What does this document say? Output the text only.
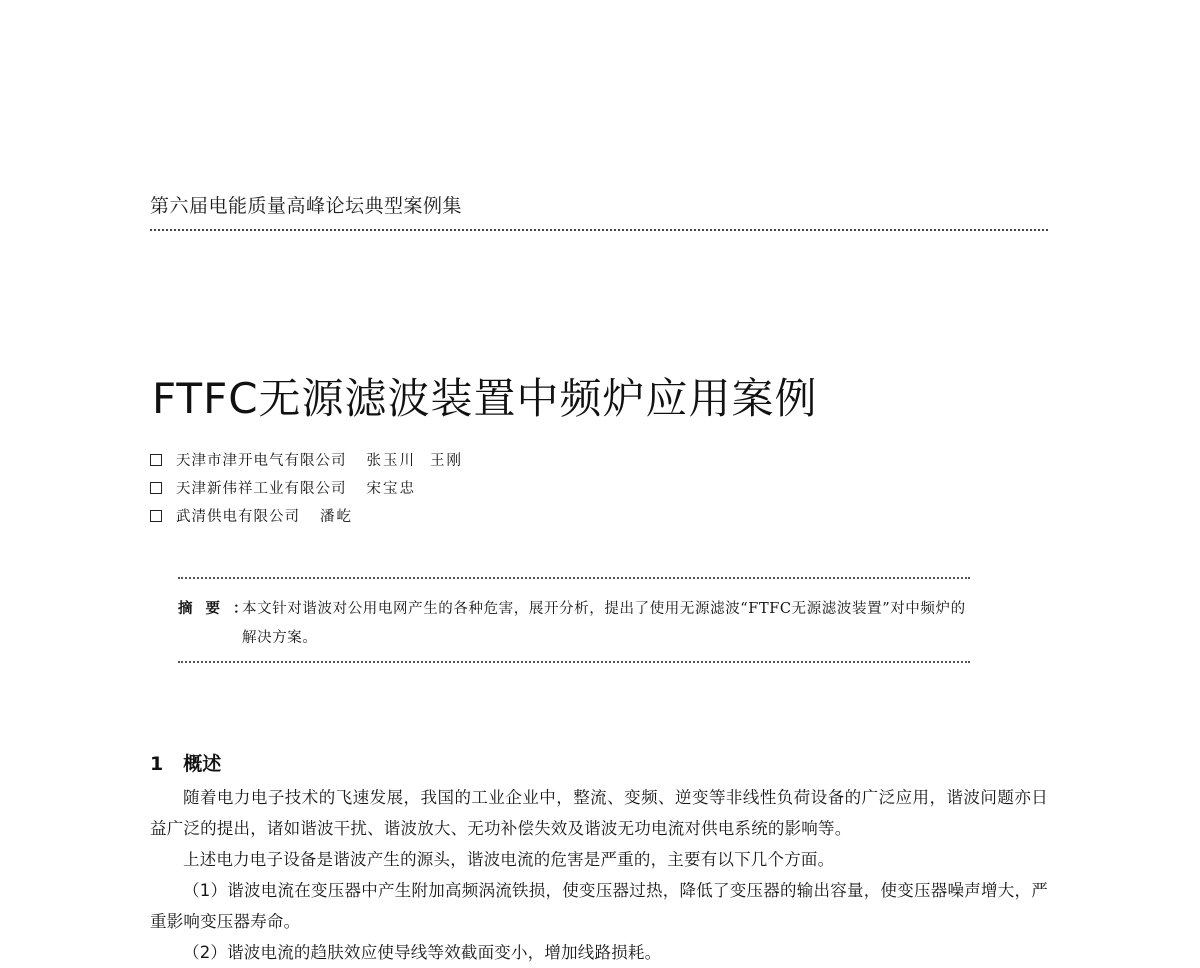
第六届电能质量高峰论坛典型案例集
FTFC无源滤波装置中频炉应用案例
天津市津开电气有限公司 张玉川 王刚
天津新伟祥工业有限公司 宋宝忠
武清供电有限公司 潘屹
摘要：
本文针对谐波对公用电网产生的各种危害，展开分析，提出了使用无源滤波“FTFC无源滤波装置”对中频炉的解决方案。
1 概述

随着电力电子技术的飞速发展，我国的工业企业中，整流、变频、逆变等非线性负荷设备的广泛应用，谐波问题亦日益广泛的提出，诸如谐波干扰、谐波放大、无功补偿失效及谐波无功电流对供电系统的影响等。

上述电力电子设备是谐波产生的源头，谐波电流的危害是严重的，主要有以下几个方面。

（1）谐波电流在变压器中产生附加高频涡流铁损，使变压器过热，降低了变压器的输出容量，使变压器噪声增大，严重影响变压器寿命。

（2）谐波电流的趋肤效应使导线等效截面变小，增加线路损耗。
